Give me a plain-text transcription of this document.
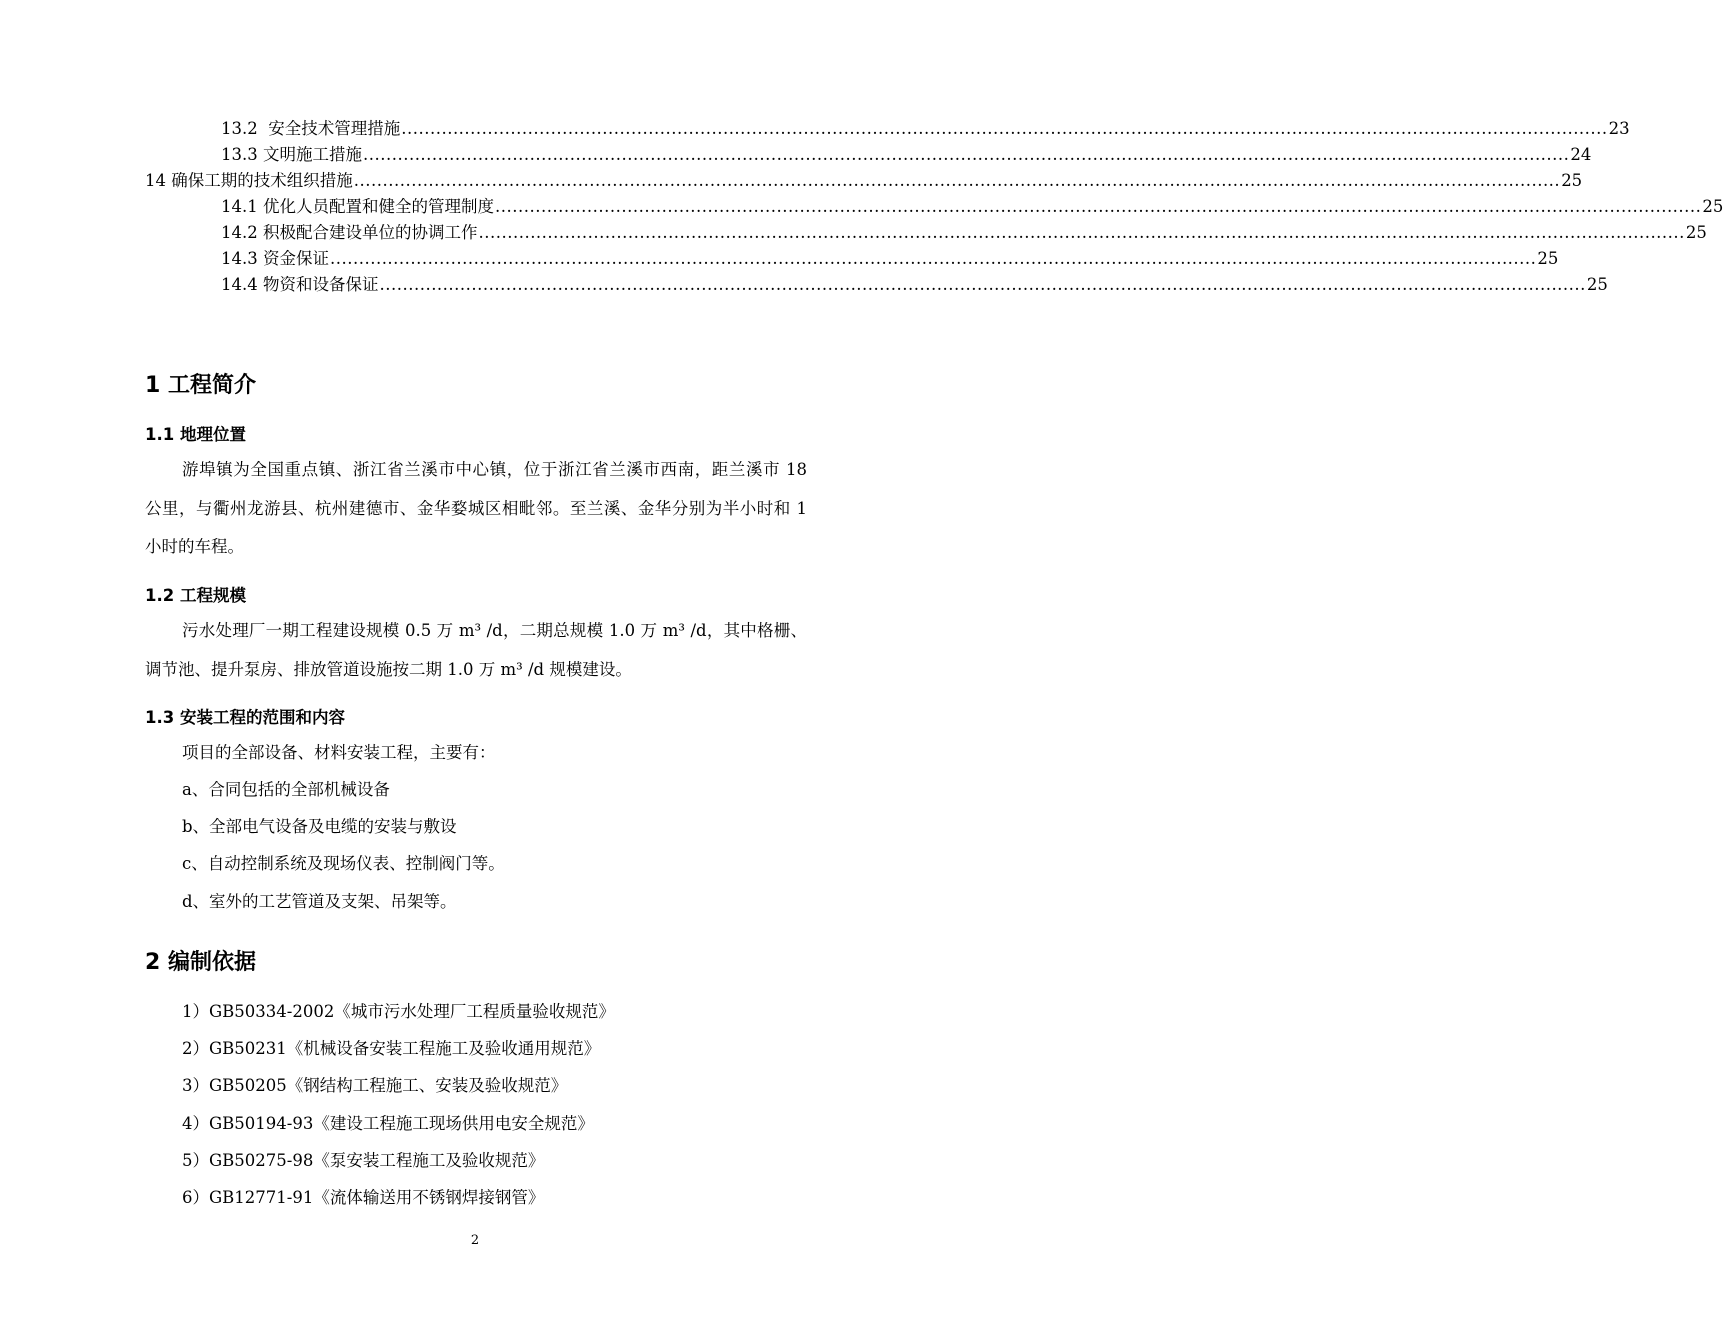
13.2  安全技术管理措施 .................................................................................................................................................................................................................. 23
13.3 文明施工措施 .................................................................................................................................................................................................................. 24
14 确保工期的技术组织措施 .................................................................................................................................................................................................................. 25
14.1 优化人员配置和健全的管理制度 .................................................................................................................................................................................................................. 25
14.2 积极配合建设单位的协调工作 .................................................................................................................................................................................................................. 25
14.3 资金保证 .................................................................................................................................................................................................................. 25
14.4 物资和设备保证 .................................................................................................................................................................................................................. 25
1 工程简介
1.1 地理位置

游埠镇为全国重点镇、浙江省兰溪市中心镇，位于浙江省兰溪市西南，距兰溪市 18 公里，与衢州龙游县、杭州建德市、金华婺城区相毗邻。至兰溪、金华分别为半小时和 1 小时的车程。

1.2 工程规模

污水处理厂一期工程建设规模 0.5 万 m³ /d，二期总规模 1.0 万 m³ /d，其中格栅、调节池、提升泵房、排放管道设施按二期 1.0 万 m³ /d 规模建设。

1.3 安装工程的范围和内容
项目的全部设备、材料安装工程，主要有：
a、合同包括的全部机械设备
b、全部电气设备及电缆的安装与敷设
c、自动控制系统及现场仪表、控制阀门等。
d、室外的工艺管道及支架、吊架等。
2 编制依据
1）GB50334-2002《城市污水处理厂工程质量验收规范》
2）GB50231《机械设备安装工程施工及验收通用规范》
3）GB50205《钢结构工程施工、安装及验收规范》
4）GB50194-93《建设工程施工现场供用电安全规范》
5）GB50275-98《泵安装工程施工及验收规范》
6）GB12771-91《流体输送用不锈钢焊接钢管》
2
